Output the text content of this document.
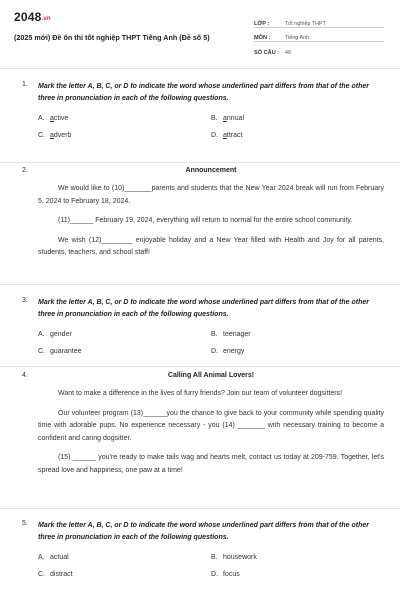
2048.vn
(2025 mới) Đề ôn thi tốt nghiệp THPT Tiếng Anh (Đề số 5)
LỚP :	Tốt nghiệp THPT
MÔN :	Tiếng Anh
SỐ CÂU :	46
1. Mark the letter A, B, C, or D to indicate the word whose underlined part differs from that of the other three in pronunciation in each of the following questions.
A. active	B. annual
C. adverb	D. attract
2.	Announcement
We would like to (10)_______parents and students that the New Year 2024 break will run from February 5, 2024 to February 18, 2024.
(11)______ February 19, 2024, everything will return to normal for the entire school community.
We wish (12)________ enjoyable holiday and a New Year filled with Health and Joy for all parents, students, teachers, and school staff!
3. Mark the letter A, B, C, or D to indicate the word whose underlined part differs from that of the other three in pronunciation in each of the following questions.
A. gender	B. teenager
C. guarantee	D. energy
4.	Calling All Animal Lovers!
Want to make a difference in the lives of furry friends? Join our team of volunteer dogsitters!
Our volunteer program (13)______you the chance to give back to your community while spending quality time with adorable pups. No experience necessary - you (14) _______ with necessary training to become a confident and caring dogsitter.
(15) ______ you're ready to make tails wag and hearts melt, contact us today at 209-759. Together, let's spread love and happiness, one paw at a time!
5. Mark the letter A, B, C, or D to indicate the word whose underlined part differs from that of the other three in pronunciation in each of the following questions.
A. actual	B. housework
C. distract	D. focus
